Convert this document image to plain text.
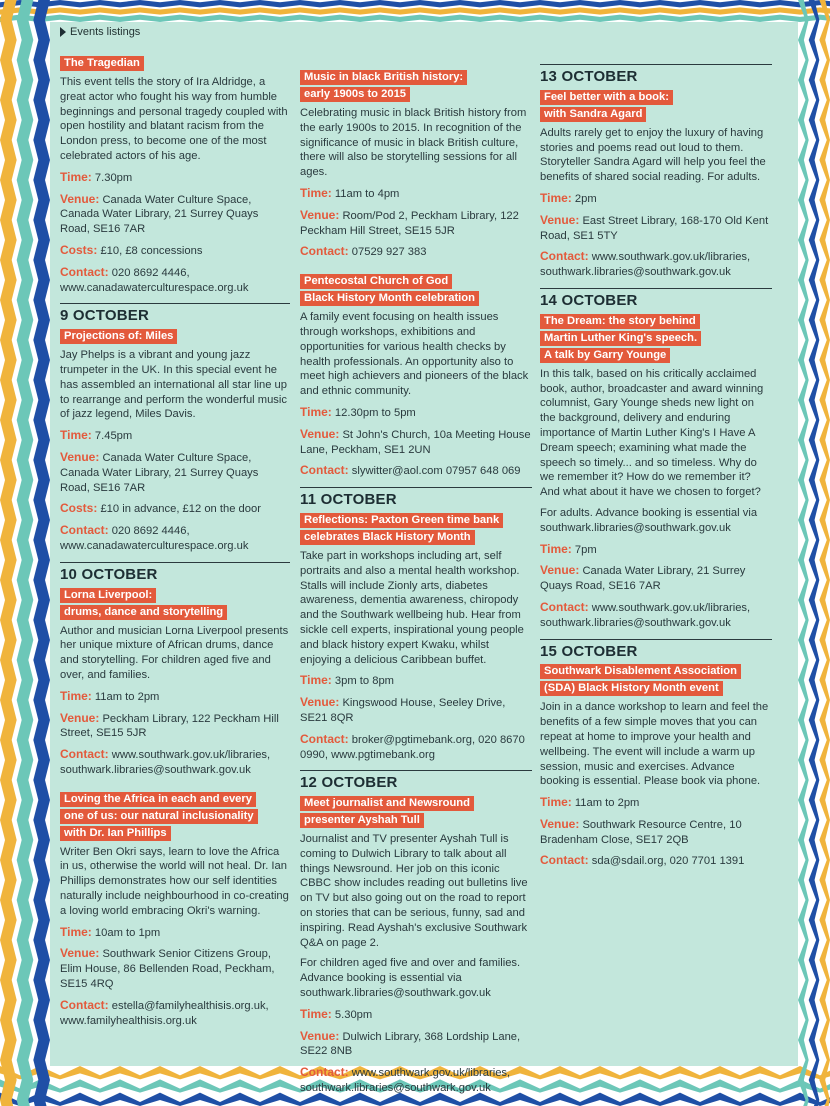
Events listings
The Tragedian

This event tells the story of Ira Aldridge, a great actor who fought his way from humble beginnings and personal tragedy coupled with open hostility and blatant racism from the London press, to become one of the most celebrated actors of his age.
Time: 7.30pm
Venue: Canada Water Culture Space, Canada Water Library, 21 Surrey Quays Road, SE16 7AR
Costs: £10, £8 concessions
Contact: 020 8692 4446, www.canadawaterculturespace.org.uk
9 OCTOBER
Projections of: Miles

Jay Phelps is a vibrant and young jazz trumpeter in the UK. In this special event he has assembled an international all star line up to rearrange and perform the wonderful music of jazz legend, Miles Davis.
Time: 7.45pm
Venue: Canada Water Culture Space, Canada Water Library, 21 Surrey Quays Road, SE16 7AR
Costs: £10 in advance, £12 on the door
Contact: 020 8692 4446, www.canadawaterculturespace.org.uk
10 OCTOBER
Lorna Liverpool:
drums, dance and storytelling

Author and musician Lorna Liverpool presents her unique mixture of African drums, dance and storytelling. For children aged five and over, and families.
Time: 11am to 2pm
Venue: Peckham Library, 122 Peckham Hill Street, SE15 5JR
Contact: www.southwark.gov.uk/libraries, southwark.libraries@southwark.gov.uk
Loving the Africa in each and every
one of us: our natural inclusionality
with Dr. Ian Phillips

Writer Ben Okri says, learn to love the Africa in us, otherwise the world will not heal. Dr. Ian Phillips demonstrates how our self identities naturally include neighbourhood in co-creating a loving world embracing Okri's warning.
Time: 10am to 1pm
Venue: Southwark Senior Citizens Group, Elim House, 86 Bellenden Road, Peckham, SE15 4RQ
Contact: estella@familyhealthisis.org.uk, www.familyhealthisis.org.uk
Music in black British history:
early 1900s to 2015

Celebrating music in black British history from the early 1900s to 2015. In recognition of the significance of music in black British culture, there will also be storytelling sessions for all ages.
Time: 11am to 4pm
Venue: Room/Pod 2, Peckham Library, 122 Peckham Hill Street, SE15 5JR
Contact: 07529 927 383
Pentecostal Church of God
Black History Month celebration

A family event focusing on health issues through workshops, exhibitions and opportunities for various health checks by health professionals. An opportunity also to meet high achievers and pioneers of the black and ethnic community.
Time: 12.30pm to 5pm
Venue: St John's Church, 10a Meeting House Lane, Peckham, SE1 2UN
Contact: slywitter@aol.com 07957 648 069
11 OCTOBER
Reflections: Paxton Green time bank
celebrates Black History Month

Take part in workshops including art, self portraits and also a mental health workshop. Stalls will include Zionly arts, diabetes awareness, dementia awareness, chiropody and the Southwark wellbeing hub. Hear from sickle cell experts, inspirational young people and black history expert Kwaku, whilst enjoying a delicious Caribbean buffet.
Time: 3pm to 8pm
Venue: Kingswood House, Seeley Drive, SE21 8QR
Contact: broker@pgtimebank.org, 020 8670 0990, www.pgtimebank.org
12 OCTOBER
Meet journalist and Newsround
presenter Ayshah Tull

Journalist and TV presenter Ayshah Tull is coming to Dulwich Library to talk about all things Newsround. Her job on this iconic CBBC show includes reading out bulletins live on TV but also going out on the road to report on stories that can be serious, funny, sad and inspiring. Read Ayshah's exclusive Southwark Q&A on page 2.
For children aged five and over and families. Advance booking is essential via southwark.libraries@southwark.gov.uk
Time: 5.30pm
Venue: Dulwich Library, 368 Lordship Lane, SE22 8NB
Contact: www.southwark.gov.uk/libraries, southwark.libraries@southwark.gov.uk
13 OCTOBER
Feel better with a book:
with Sandra Agard

Adults rarely get to enjoy the luxury of having stories and poems read out loud to them. Storyteller Sandra Agard will help you feel the benefits of shared social reading. For adults.
Time: 2pm
Venue: East Street Library, 168-170 Old Kent Road, SE1 5TY
Contact: www.southwark.gov.uk/libraries, southwark.libraries@southwark.gov.uk
14 OCTOBER
The Dream: the story behind
Martin Luther King's speech.
A talk by Garry Younge

In this talk, based on his critically acclaimed book, author, broadcaster and award winning columnist, Gary Younge sheds new light on the background, delivery and enduring importance of Martin Luther King's I Have A Dream speech; examining what made the speech so timely... and so timeless. Why do we remember it? How do we remember it? And what about it have we chosen to forget?
For adults. Advance booking is essential via southwark.libraries@southwark.gov.uk
Time: 7pm
Venue: Canada Water Library, 21 Surrey Quays Road, SE16 7AR
Contact: www.southwark.gov.uk/libraries, southwark.libraries@southwark.gov.uk
15 OCTOBER
Southwark Disablement Association
(SDA) Black History Month event

Join in a dance workshop to learn and feel the benefits of a few simple moves that you can repeat at home to improve your health and wellbeing. The event will include a warm up session, music and exercises. Advance booking is essential. Please book via phone.
Time: 11am to 2pm
Venue: Southwark Resource Centre, 10 Bradenham Close, SE17 2QB
Contact: sda@sdail.org, 020 7701 1391
